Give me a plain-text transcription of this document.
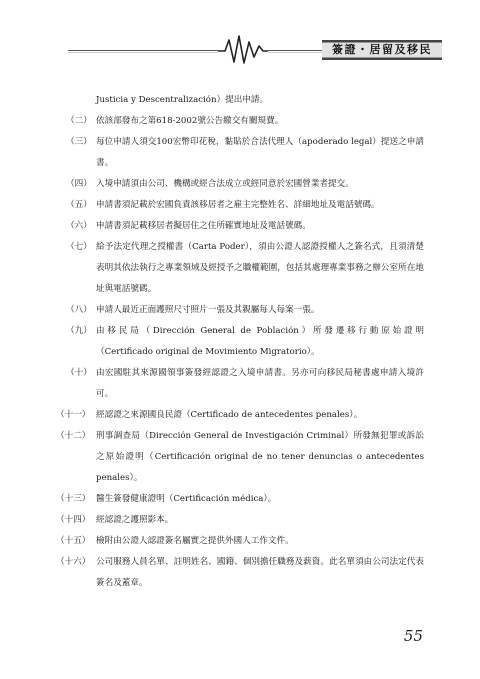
簽證・居留及移民
Justicia y Descentralización）提出申請。
（二） 依該部發布之第618-2002號公告繳交有關規費。
（三） 每位申請人須交100宏幣印花稅，黏貼於合法代理人（apoderado legal）提送之申請書。
（四） 入境申請須由公司、機構或經合法成立或經同意於宏國營業者提交。
（五） 申請書須記載於宏國負責該移居者之雇主完整姓名、詳細地址及電話號碼。
（六） 申請書須記載移居者擬居住之住所確實地址及電話號碼。
（七） 給予法定代理之授權書（Carta Poder），須由公證人認證授權人之簽名式，且須清楚表明其依法執行之專業領域及經授予之職權範圍，包括其處理專業事務之辦公室所在地址與電話號碼。
（八） 申請人最近正面護照尺寸照片一張及其親屬每人每案一張。
（九） 由移民局（Dirección General de Población）所發遷移行動原始證明（Certificado original de Movimiento Migratorio）。
（十） 由宏國駐其來源國領事簽發經認證之入境申請書。另亦可向移民局秘書處申請入境許可。
（十一） 經認證之來源國良民證（Certificado de antecedentes penales）。
（十二） 刑事調查局（Dirección General de Investigación Criminal）所發無犯罪或訴訟之原始證明（Certificación original de no tener denuncias o antecedentes penales）。
（十三） 醫生簽發健康證明（Certificación médica）。
（十四） 經認證之護照影本。
（十五） 檢附由公證人認證簽名屬實之提供外國人工作文件。
（十六） 公司服務人員名單、註明姓名、國籍、個別擔任職務及薪資。此名單須由公司法定代表簽名及蓋章。
55
